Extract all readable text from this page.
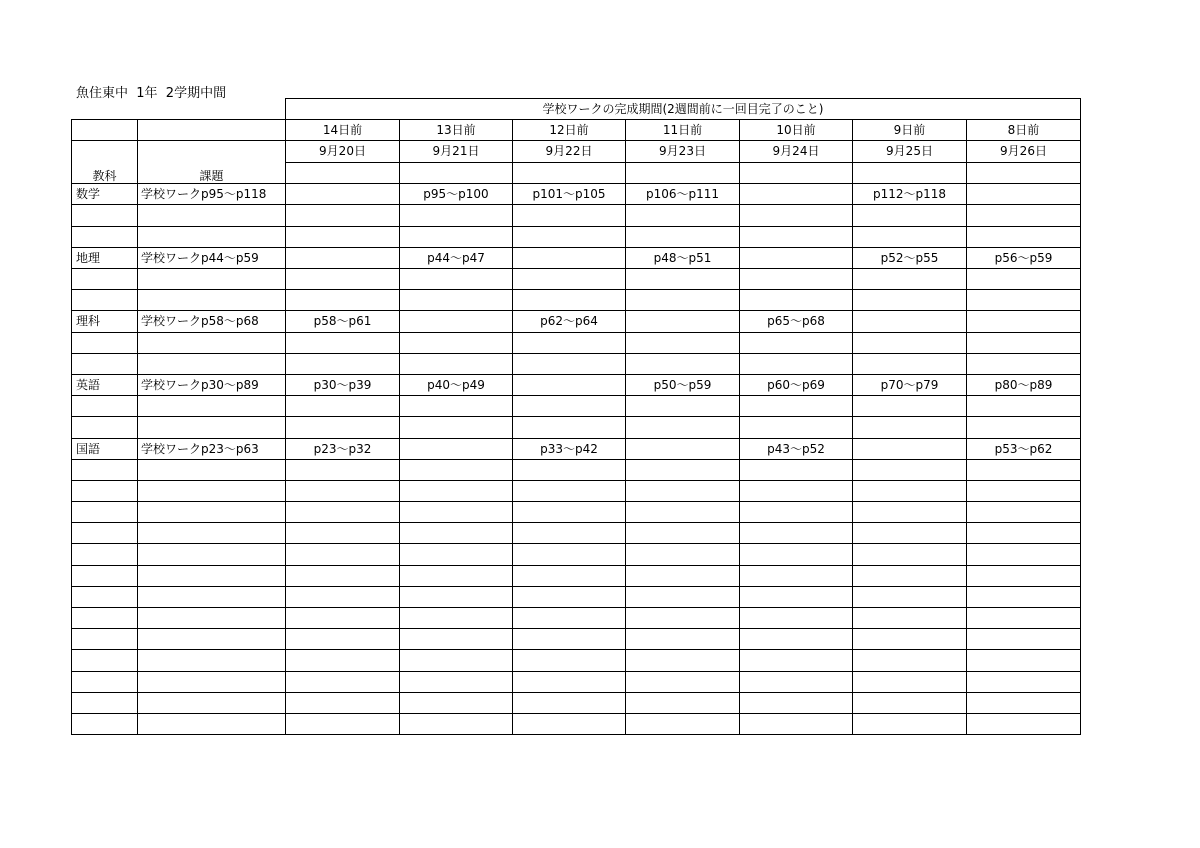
魚住東中  1年  2学期中間
		学校ワークの完成期間(2週間前に一回目完了のこと)						
		14日前	13日前	12日前	11日前	10日前	9日前	8日前
		9月20日	9月21日	9月22日	9月23日	9月24日	9月25日	9月26日
教科	課題							
数学	学校ワークp95～p118		p95～p100	p101～p105	p106～p111		p112～p118	

地理	学校ワークp44～p59		p44～p47		p48～p51		p52～p55	p56～p59

理科	学校ワークp58～p68	p58～p61		p62～p64		p65～p68		

英語	学校ワークp30～p89	p30～p39	p40～p49		p50～p59	p60～p69	p70～p79	p80～p89

国語	学校ワークp23～p63	p23～p32		p33～p42		p43～p52		p53～p62
